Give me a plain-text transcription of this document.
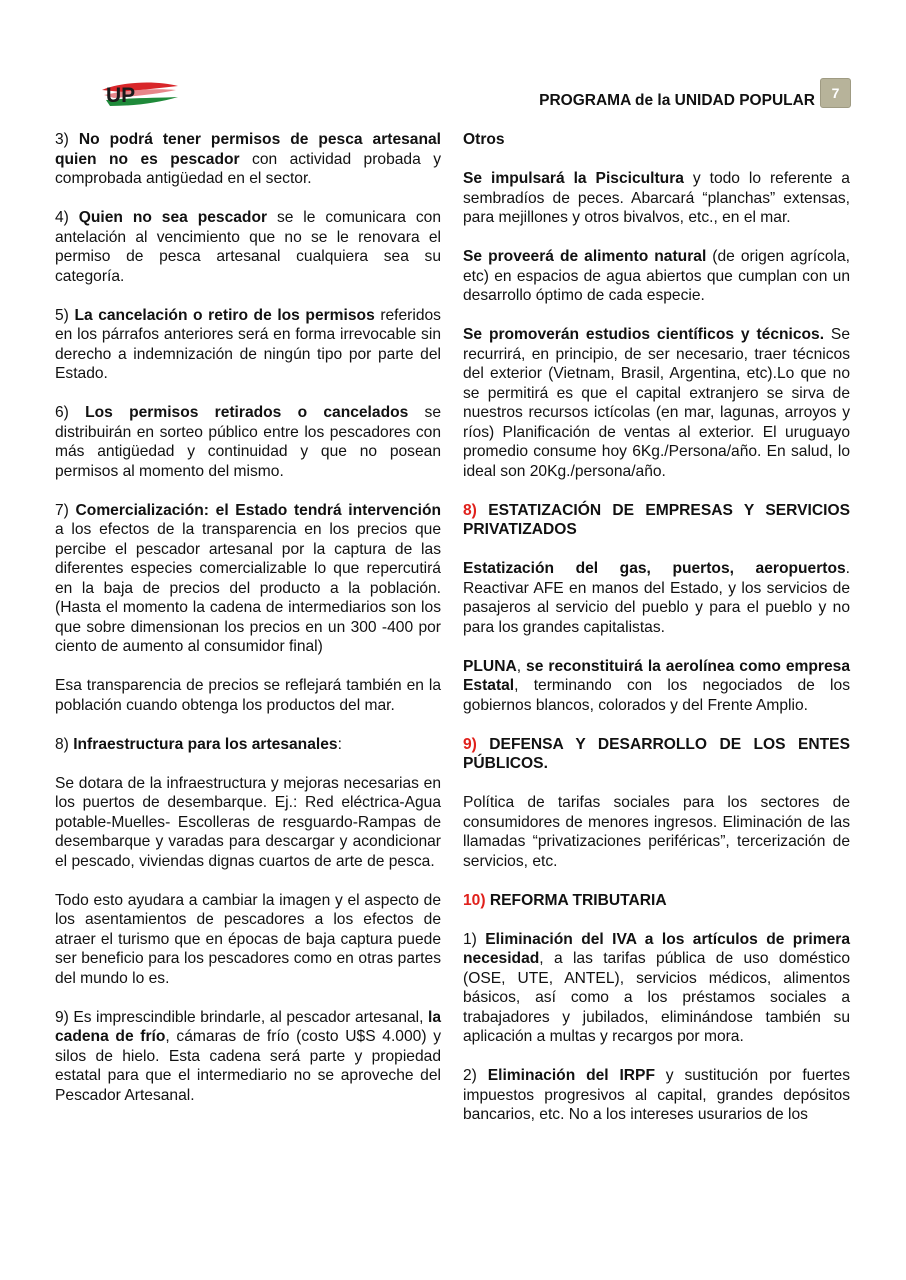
UP	PROGRAMA de la UNIDAD POPULAR	7

3) No podrá tener permisos de pesca artesanal quien no es pescador con actividad probada y comprobada antigüedad en el sector.

4) Quien no sea pescador se le comunicara con antelación al vencimiento que no se le renovara el permiso de pesca artesanal cualquiera sea su categoría.

5) La cancelación o retiro de los permisos referidos en los párrafos anteriores será en forma irrevocable sin derecho a indemnización de ningún tipo por parte del Estado.

6) Los permisos retirados o cancelados se distribuirán en sorteo público entre los pescadores con más antigüedad y continuidad y que no posean permisos al momento del mismo.

7) Comercialización: el Estado tendrá intervención a los efectos de la transparencia en los precios que percibe el pescador artesanal por la captura de las diferentes especies comercializable lo que repercutirá en la baja de precios del producto a la población. (Hasta el momento la cadena de intermediarios son los que sobre dimensionan los precios en un 300 -400 por ciento de aumento al consumidor final)

Esa transparencia de precios se reflejará también en la población cuando obtenga los productos del mar.

8) Infraestructura para los artesanales:

Se dotara de la infraestructura y mejoras necesarias en los puertos de desembarque. Ej.: Red eléctrica-Agua potable-Muelles- Escolleras de resguardo-Rampas de desembarque y varadas para descargar y acondicionar el pescado, viviendas dignas cuartos de arte de pesca.

Todo esto ayudara a cambiar la imagen y el aspecto de los asentamientos de pescadores a los efectos de atraer el turismo que en épocas de baja captura puede ser beneficio para los pescadores como en otras partes del mundo lo es.

9) Es imprescindible brindarle, al pescador artesanal, la cadena de frío, cámaras de frío (costo U$S 4.000) y silos de hielo. Esta cadena será parte y propiedad estatal para que el intermediario no se aproveche del Pescador Artesanal.

Otros

Se impulsará la Piscicultura y todo lo referente a sembradíos de peces. Abarcará “planchas” extensas, para mejillones y otros bivalvos, etc., en el mar.

Se proveerá de alimento natural (de origen agrícola, etc) en espacios de agua abiertos que cumplan con un desarrollo óptimo de cada especie.

Se promoverán estudios científicos y técnicos. Se recurrirá, en principio, de ser necesario, traer técnicos del exterior (Vietnam, Brasil, Argentina, etc).Lo que no se permitirá es que el capital extranjero se sirva de nuestros recursos ictícolas (en mar, lagunas, arroyos y ríos) Planificación de ventas al exterior. El uruguayo promedio consume hoy 6Kg./Persona/año. En salud, lo ideal son 20Kg./persona/año.

8) ESTATIZACIÓN DE EMPRESAS Y SERVICIOS PRIVATIZADOS

Estatización del gas, puertos, aeropuertos. Reactivar AFE en manos del Estado, y los servicios de pasajeros al servicio del pueblo y para el pueblo y no para los grandes capitalistas.

PLUNA, se reconstituirá la aerolínea como empresa Estatal, terminando con los negociados de los gobiernos blancos, colorados y del Frente Amplio.

9) DEFENSA Y DESARROLLO DE LOS ENTES PÚBLICOS.

Política de tarifas sociales para los sectores de consumidores de menores ingresos. Eliminación de las llamadas “privatizaciones periféricas”, tercerización de servicios, etc.

10) REFORMA TRIBUTARIA

1) Eliminación del IVA a los artículos de primera necesidad, a las tarifas pública de uso doméstico (OSE, UTE, ANTEL), servicios médicos, alimentos básicos, así como a los préstamos sociales a trabajadores y jubilados, eliminándose también su aplicación a multas y recargos por mora.

2) Eliminación del IRPF y sustitución por fuertes impuestos progresivos al capital, grandes depósitos bancarios, etc. No a los intereses usurarios de los
